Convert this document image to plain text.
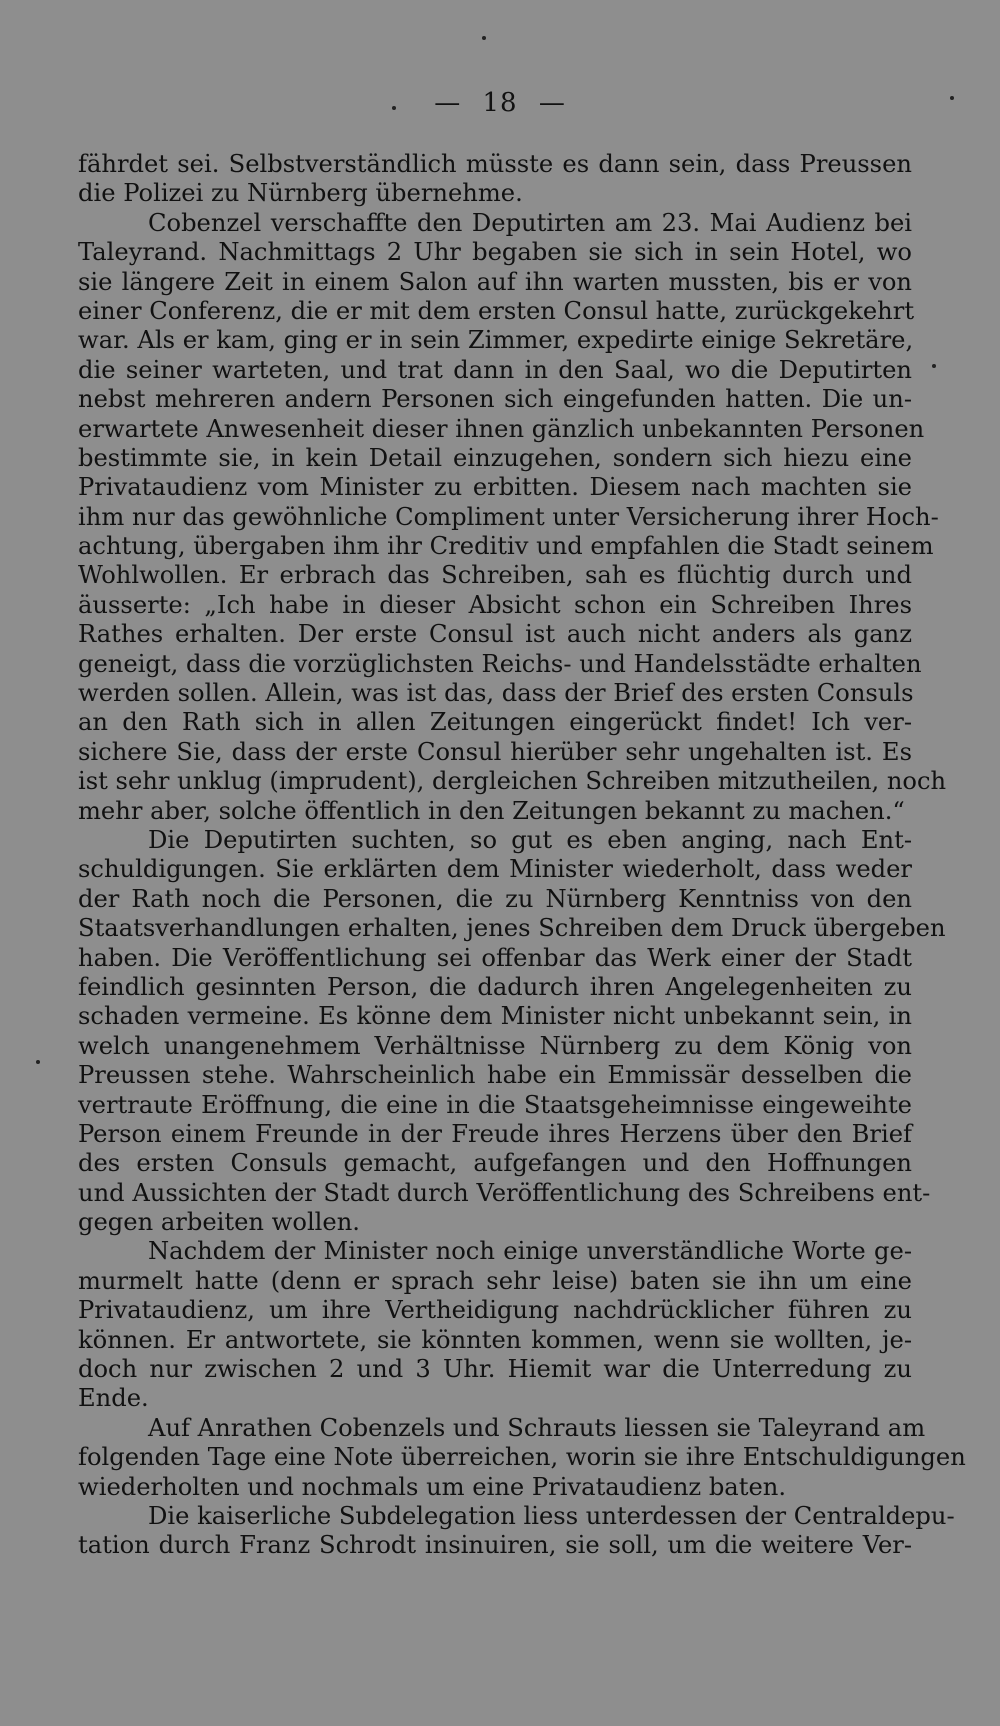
— 18 —
fährdet sei. Selbstverständlich müsste es dann sein, dass Preussen
die Polizei zu Nürnberg übernehme.
Cobenzel verschaffte den Deputirten am 23. Mai Audienz bei
Taleyrand. Nachmittags 2 Uhr begaben sie sich in sein Hotel, wo
sie längere Zeit in einem Salon auf ihn warten mussten, bis er von
einer Conferenz, die er mit dem ersten Consul hatte, zurückgekehrt
war. Als er kam, ging er in sein Zimmer, expedirte einige Sekretäre,
die seiner warteten, und trat dann in den Saal, wo die Deputirten
nebst mehreren andern Personen sich eingefunden hatten. Die un-
erwartete Anwesenheit dieser ihnen gänzlich unbekannten Personen
bestimmte sie, in kein Detail einzugehen, sondern sich hiezu eine
Privataudienz vom Minister zu erbitten. Diesem nach machten sie
ihm nur das gewöhnliche Compliment unter Versicherung ihrer Hoch-
achtung, übergaben ihm ihr Creditiv und empfahlen die Stadt seinem
Wohlwollen. Er erbrach das Schreiben, sah es flüchtig durch und
äusserte: „Ich habe in dieser Absicht schon ein Schreiben Ihres
Rathes erhalten. Der erste Consul ist auch nicht anders als ganz
geneigt, dass die vorzüglichsten Reichs- und Handelsstädte erhalten
werden sollen. Allein, was ist das, dass der Brief des ersten Consuls
an den Rath sich in allen Zeitungen eingerückt findet! Ich ver-
sichere Sie, dass der erste Consul hierüber sehr ungehalten ist. Es
ist sehr unklug (imprudent), dergleichen Schreiben mitzutheilen, noch
mehr aber, solche öffentlich in den Zeitungen bekannt zu machen.“
Die Deputirten suchten, so gut es eben anging, nach Ent-
schuldigungen. Sie erklärten dem Minister wiederholt, dass weder
der Rath noch die Personen, die zu Nürnberg Kenntniss von den
Staatsverhandlungen erhalten, jenes Schreiben dem Druck übergeben
haben. Die Veröffentlichung sei offenbar das Werk einer der Stadt
feindlich gesinnten Person, die dadurch ihren Angelegenheiten zu
schaden vermeine. Es könne dem Minister nicht unbekannt sein, in
welch unangenehmem Verhältnisse Nürnberg zu dem König von
Preussen stehe. Wahrscheinlich habe ein Emmissär desselben die
vertraute Eröffnung, die eine in die Staatsgeheimnisse eingeweihte
Person einem Freunde in der Freude ihres Herzens über den Brief
des ersten Consuls gemacht, aufgefangen und den Hoffnungen
und Aussichten der Stadt durch Veröffentlichung des Schreibens ent-
gegen arbeiten wollen.
Nachdem der Minister noch einige unverständliche Worte ge-
murmelt hatte (denn er sprach sehr leise) baten sie ihn um eine
Privataudienz, um ihre Vertheidigung nachdrücklicher führen zu
können. Er antwortete, sie könnten kommen, wenn sie wollten, je-
doch nur zwischen 2 und 3 Uhr. Hiemit war die Unterredung zu
Ende.
Auf Anrathen Cobenzels und Schrauts liessen sie Taleyrand am
folgenden Tage eine Note überreichen, worin sie ihre Entschuldigungen
wiederholten und nochmals um eine Privataudienz baten.
Die kaiserliche Subdelegation liess unterdessen der Centraldepu-
tation durch Franz Schrodt insinuiren, sie soll, um die weitere Ver-
